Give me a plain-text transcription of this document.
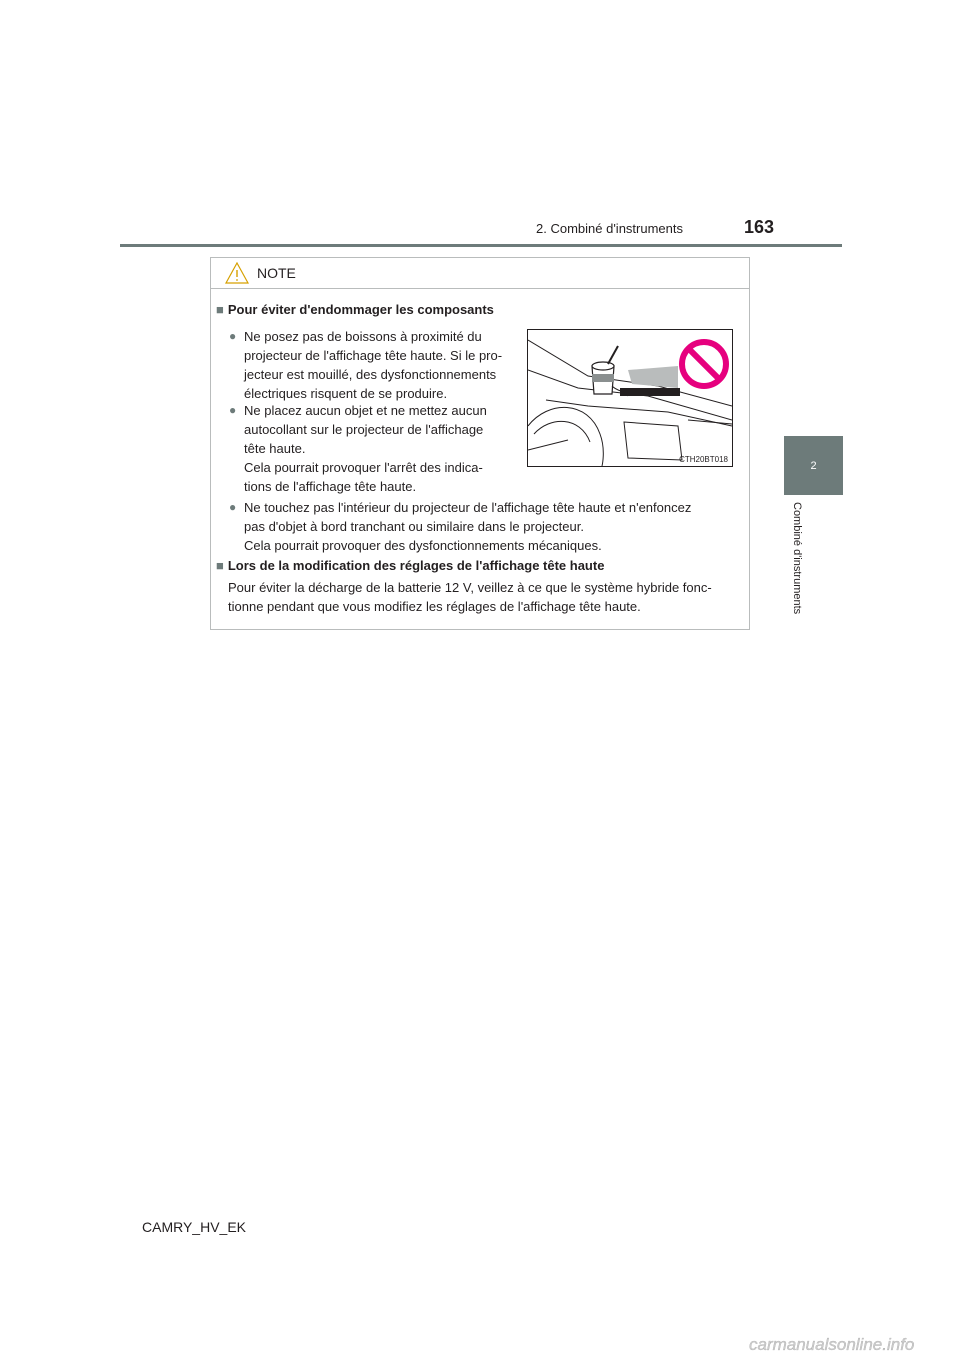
2. Combiné d'instruments	163
2
Combiné d'instruments
NOTE
■ Pour éviter d'endommager les composants
● Ne posez pas de boissons à proximité du
projecteur de l'affichage tête haute. Si le pro-
jecteur est mouillé, des dysfonctionnements
électriques risquent de se produire.
● Ne placez aucun objet et ne mettez aucun
autocollant sur le projecteur de l'affichage
tête haute.
Cela pourrait provoquer l'arrêt des indica-
tions de l'affichage tête haute.
CTH20BT018
● Ne touchez pas l'intérieur du projecteur de l'affichage tête haute et n'enfoncez
pas d'objet à bord tranchant ou similaire dans le projecteur.
Cela pourrait provoquer des dysfonctionnements mécaniques.
■ Lors de la modification des réglages de l'affichage tête haute
Pour éviter la décharge de la batterie 12 V, veillez à ce que le système hybride fonc-
tionne pendant que vous modifiez les réglages de l'affichage tête haute.
CAMRY_HV_EK
carmanualsonline.info
